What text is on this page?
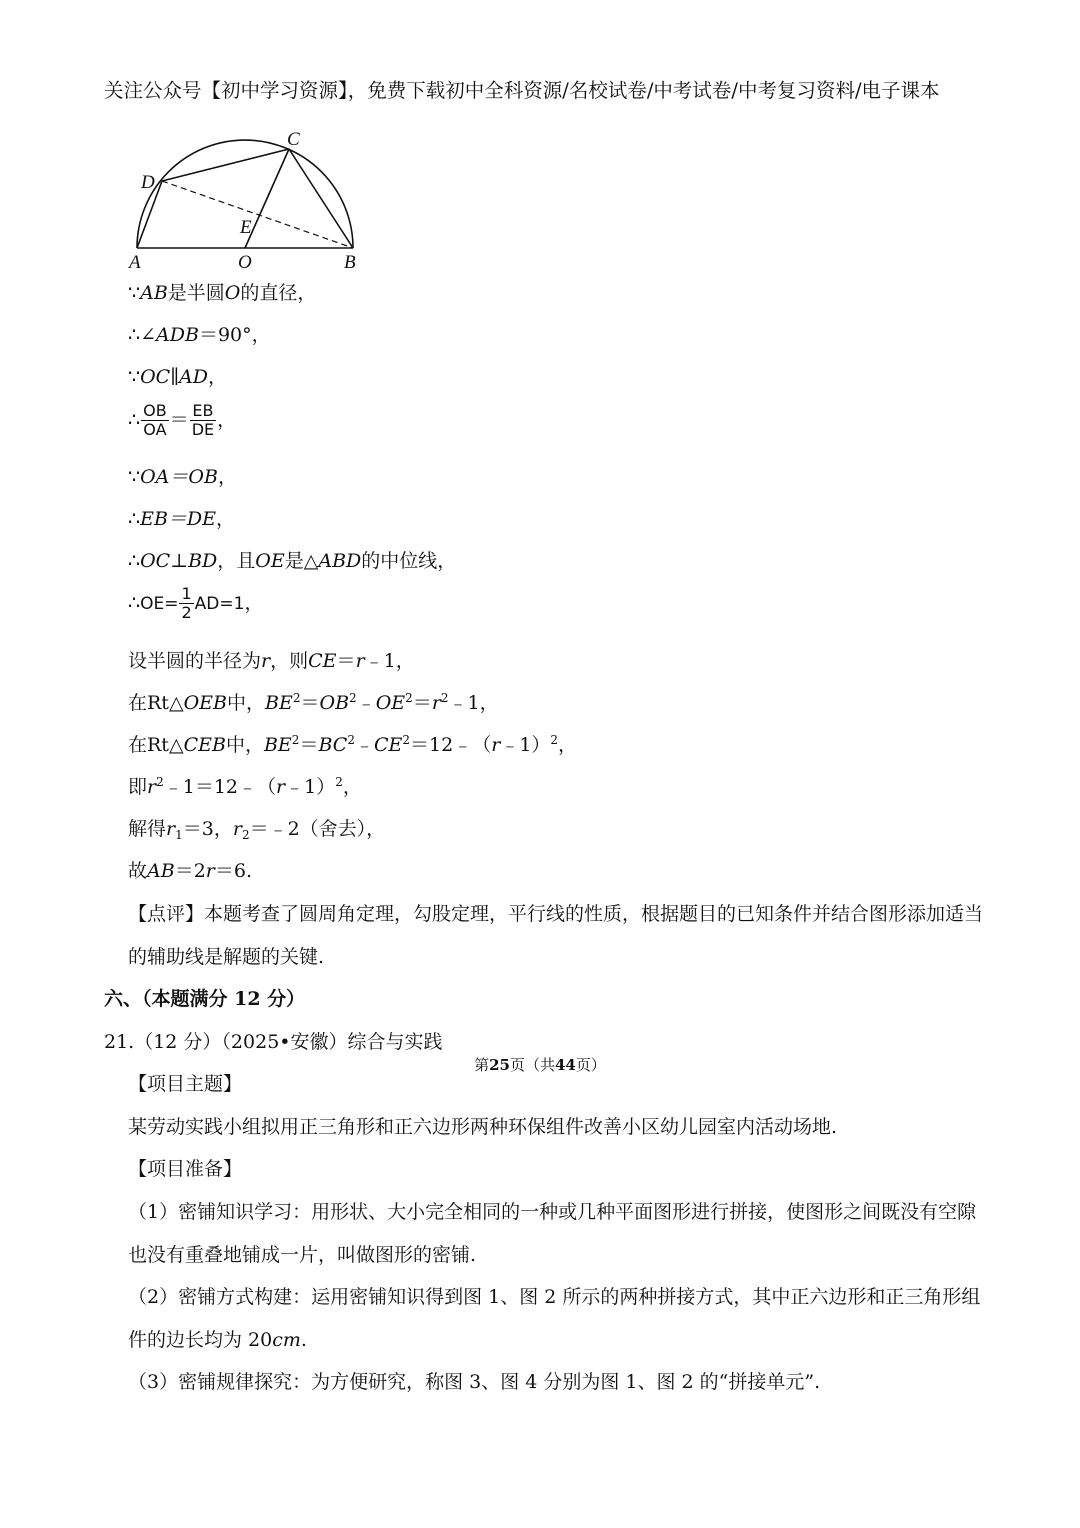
关注公众号【初中学习资源】，免费下载初中全科资源/名校试卷/中考试卷/中考复习资料/电子课本
C
D
E
A	O	B
∵AB是半圆O的直径，
∴∠ADB＝90°，
∵OC∥AD，
∴ $\frac{OB}{OA} = \frac{EB}{DE}$ ，
∵OA＝OB，
∴EB＝DE，
∴OC⊥BD，且OE是△ABD的中位线，
∴OE= $\frac{1}{2} AD=1$，
设半圆的半径为r，则CE＝r﹣1，
在Rt△OEB中，$BE^2=OB^2﹣OE^2=r^2﹣1$，
在Rt△CEB中，$BE^2=BC^2﹣CE^2=12﹣(r﹣1)^2$，
即$r^2﹣1=12﹣(r﹣1)^2$，
解得$r_1=3$，$r_2=﹣2$（舍去），
故AB＝2r＝6.
【点评】本题考查了圆周角定理，勾股定理，平行线的性质，根据题目的已知条件并结合图形添加适当
的辅助线是解题的关键.
六、（本题满分 12 分）
21.（12 分）（2025•安徽）综合与实践
【项目主题】
某劳动实践小组拟用正三角形和正六边形两种环保组件改善小区幼儿园室内活动场地.
【项目准备】
（1）密铺知识学习：用形状、大小完全相同的一种或几种平面图形进行拼接，使图形之间既没有空隙
也没有重叠地铺成一片，叫做图形的密铺.
（2）密铺方式构建：运用密铺知识得到图 1、图 2 所示的两种拼接方式，其中正六边形和正三角形组
件的边长均为 20cm.
（3）密铺规律探究：为方便研究，称图 3、图 4 分别为图 1、图 2 的“拼接单元”.
第25页（共44页）
